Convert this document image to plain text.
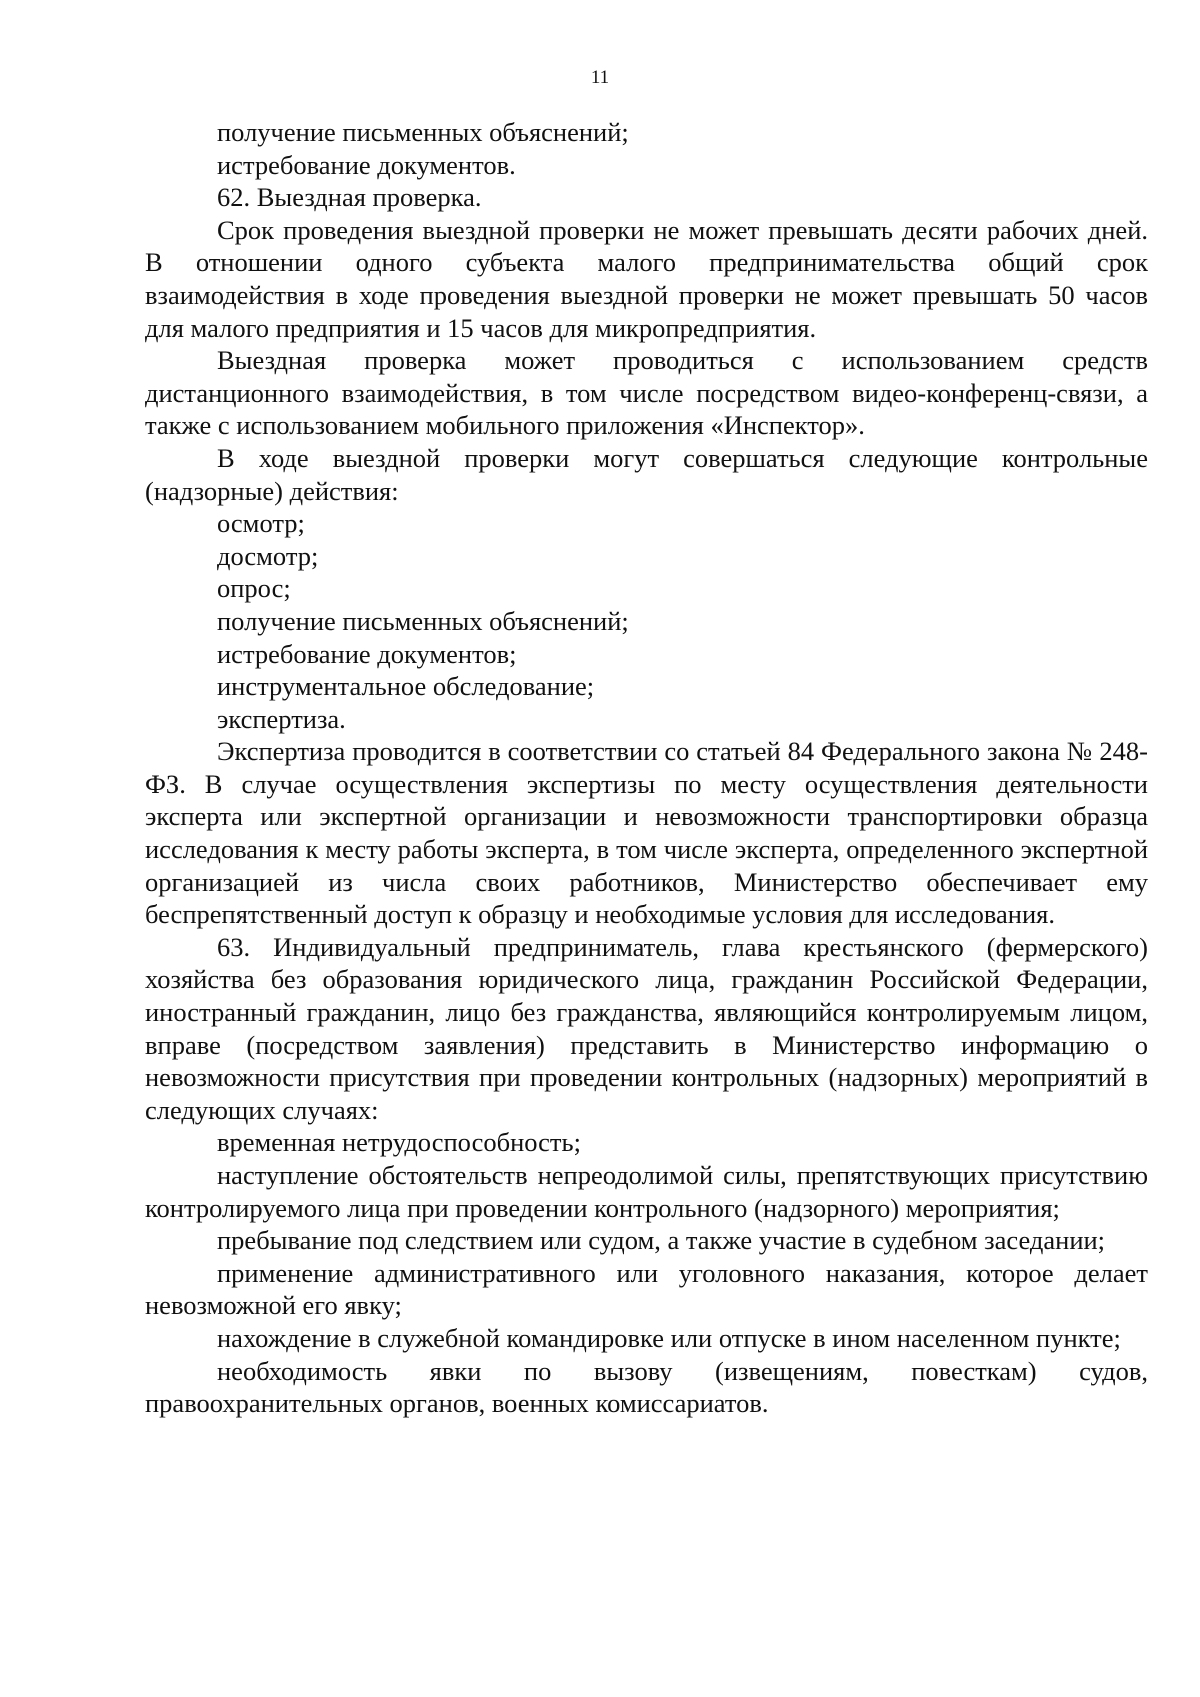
11

получение письменных объяснений;

истребование документов.

62. Выездная проверка.

Срок проведения выездной проверки не может превышать десяти рабочих дней. В отношении одного субъекта малого предпринимательства общий срок взаимодействия в ходе проведения выездной проверки не может превышать 50 часов для малого предприятия и 15 часов для микропредприятия.

Выездная проверка может проводиться с использованием средств дистанционного взаимодействия, в том числе посредством видео-конференц-связи, а также с использованием мобильного приложения «Инспектор».

В ходе выездной проверки могут совершаться следующие контрольные (надзорные) действия:

осмотр;

досмотр;

опрос;

получение письменных объяснений;

истребование документов;

инструментальное обследование;

экспертиза.

Экспертиза проводится в соответствии со статьей 84 Федерального закона № 248-ФЗ. В случае осуществления экспертизы по месту осуществления деятельности эксперта или экспертной организации и невозможности транспортировки образца исследования к месту работы эксперта, в том числе эксперта, определенного экспертной организацией из числа своих работников, Министерство обеспечивает ему беспрепятственный доступ к образцу и необходимые условия для исследования.

63. Индивидуальный предприниматель, глава крестьянского (фермерского) хозяйства без образования юридического лица, гражданин Российской Федерации, иностранный гражданин, лицо без гражданства, являющийся контролируемым лицом, вправе (посредством заявления) представить в Министерство информацию о невозможности присутствия при проведении контрольных (надзорных) мероприятий в следующих случаях:

временная нетрудоспособность;

наступление обстоятельств непреодолимой силы, препятствующих присутствию контролируемого лица при проведении контрольного (надзорного) мероприятия;

пребывание под следствием или судом, а также участие в судебном заседании;

применение административного или уголовного наказания, которое делает невозможной его явку;

нахождение в служебной командировке или отпуске в ином населенном пункте;

необходимость явки по вызову (извещениям, повесткам) судов, правоохранительных органов, военных комиссариатов.
